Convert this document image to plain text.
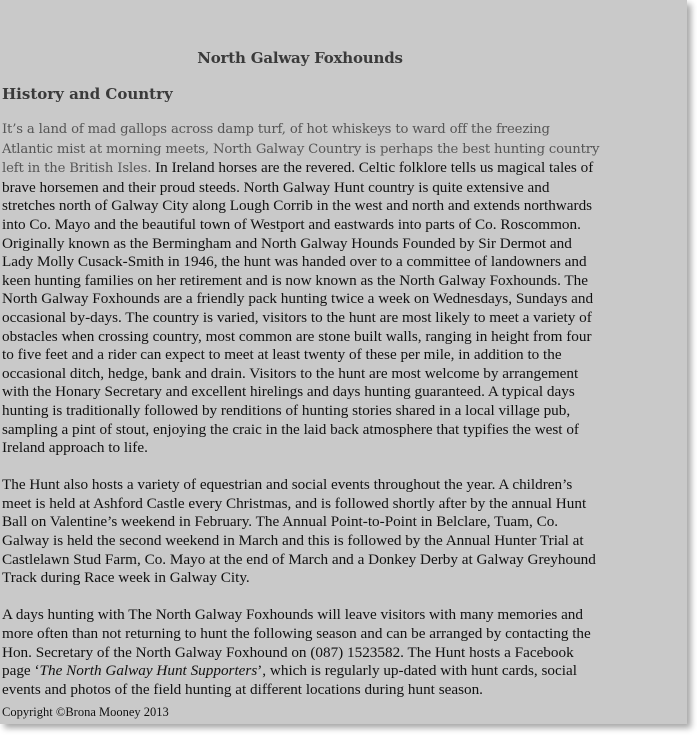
North Galway Foxhounds
History and Country

It’s a land of mad gallops across damp turf, of hot whiskeys to ward off the freezing Atlantic mist at morning meets, North Galway Country is perhaps the best hunting country left in the British Isles. In Ireland horses are the revered. Celtic folklore tells us magical tales of brave horsemen and their proud steeds. North Galway Hunt country is quite extensive and stretches north of Galway City along Lough Corrib in the west and north and extends northwards into Co. Mayo and the beautiful town of Westport and eastwards into parts of Co. Roscommon. Originally known as the Bermingham and North Galway Hounds Founded by Sir Dermot and Lady Molly Cusack-Smith in 1946, the hunt was handed over to a committee of landowners and keen hunting families on her retirement and is now known as the North Galway Foxhounds. The North Galway Foxhounds are a friendly pack hunting twice a week on Wednesdays, Sundays and occasional by-days. The country is varied, visitors to the hunt are most likely to meet a variety of obstacles when crossing country, most common are stone built walls, ranging in height from four to five feet and a rider can expect to meet at least twenty of these per mile, in addition to the occasional ditch, hedge, bank and drain. Visitors to the hunt are most welcome by arrangement with the Honary Secretary and excellent hirelings and days hunting guaranteed. A typical days hunting is traditionally followed by renditions of hunting stories shared in a local village pub, sampling a pint of stout, enjoying the craic in the laid back atmosphere that typifies the west of Ireland approach to life.

The Hunt also hosts a variety of equestrian and social events throughout the year. A children’s meet is held at Ashford Castle every Christmas, and is followed shortly after by the annual Hunt Ball on Valentine’s weekend in February. The Annual Point-to-Point in Belclare, Tuam, Co. Galway is held the second weekend in March and this is followed by the Annual Hunter Trial at Castlelawn Stud Farm, Co. Mayo at the end of March and a Donkey Derby at Galway Greyhound Track during Race week in Galway City.

A days hunting with The North Galway Foxhounds will leave visitors with many memories and more often than not returning to hunt the following season and can be arranged by contacting the Hon. Secretary of the North Galway Foxhound on (087) 1523582. The Hunt hosts a Facebook page ‘The North Galway Hunt Supporters’, which is regularly up-dated with hunt cards, social events and photos of the field hunting at different locations during hunt season.

Copyright ©Brona Mooney 2013
